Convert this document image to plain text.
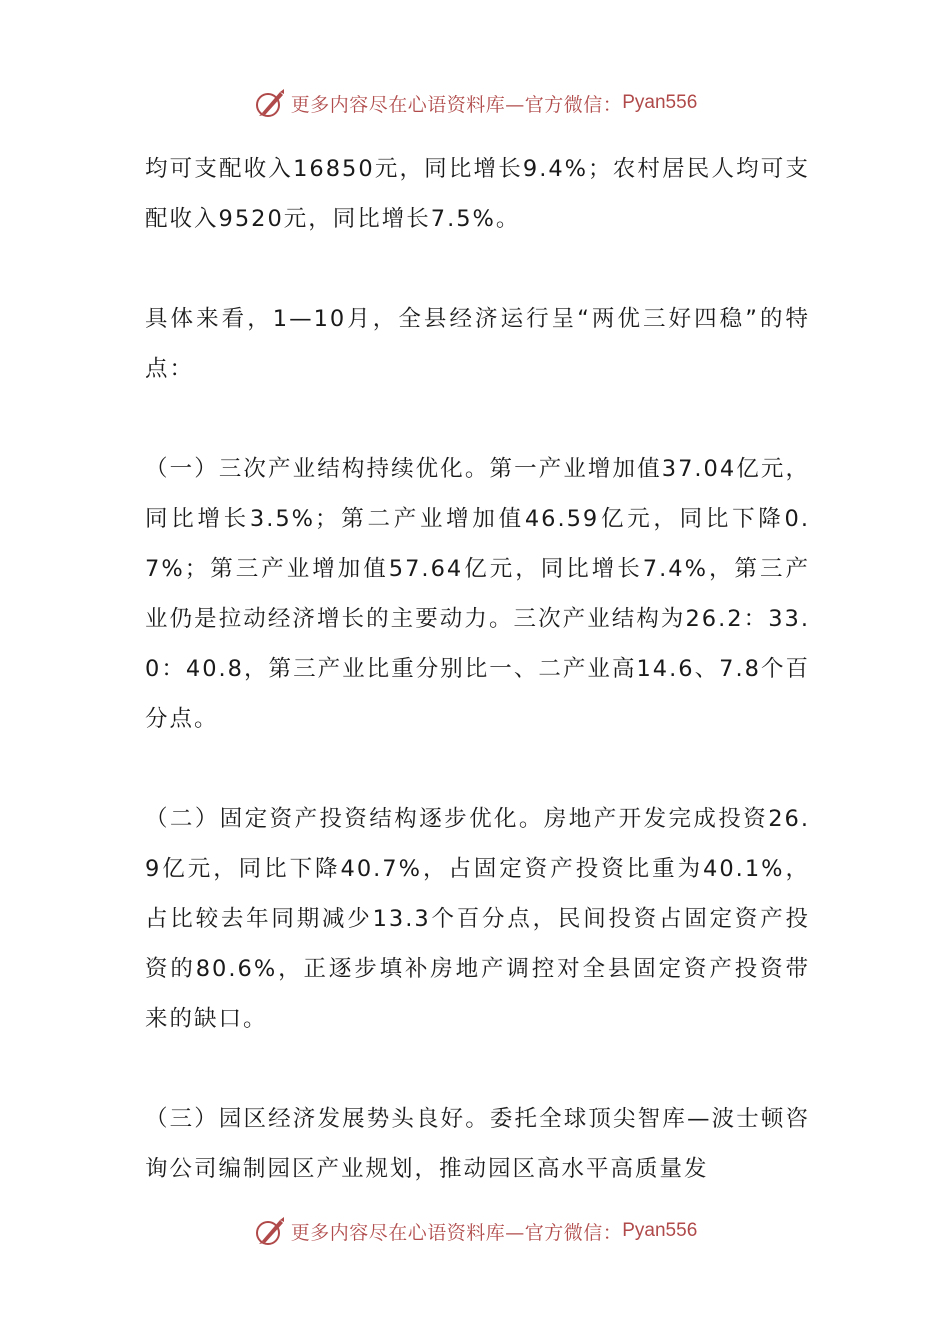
更多内容尽在心语资料库—官方微信： Pyan556

均可支配收入16850元，同比增长9.4%；农村居民人均可支配收入9520元，同比增长7.5%。

具体来看，1—10月，全县经济运行呈“两优三好四稳”的特点：

（一）三次产业结构持续优化。第一产业增加值37.04亿元，同比增长3.5%；第二产业增加值46.59亿元，同比下降0.7%；第三产业增加值57.64亿元，同比增长7.4%，第三产业仍是拉动经济增长的主要动力。三次产业结构为26.2：33.0：40.8，第三产业比重分别比一、二产业高14.6、7.8个百分点。

（二）固定资产投资结构逐步优化。房地产开发完成投资26.9亿元，同比下降40.7%，占固定资产投资比重为40.1%，占比较去年同期减少13.3个百分点，民间投资占固定资产投资的80.6%，正逐步填补房地产调控对全县固定资产投资带来的缺口。

（三）园区经济发展势头良好。委托全球顶尖智库—波士顿咨询公司编制园区产业规划，推动园区高水平高质量发

更多内容尽在心语资料库—官方微信： Pyan556
